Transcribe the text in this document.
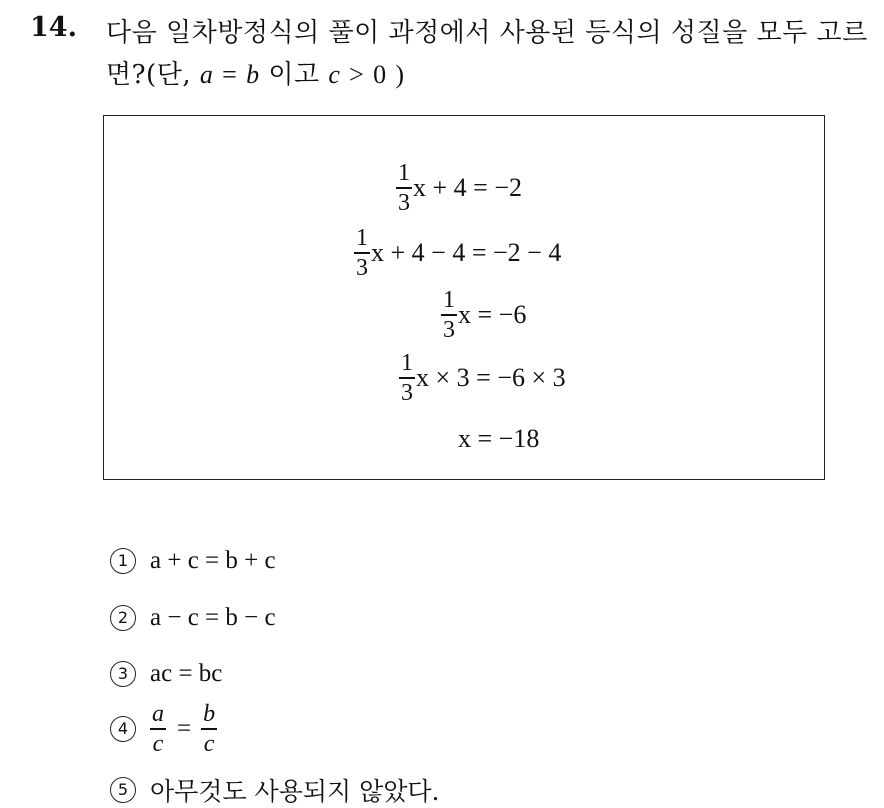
14. 다음 일차방정식의 풀이 과정에서 사용된 등식의 성질을 모두 고르
면?(단, a = b 이고 c > 0 )
$\frac{1}{3}$ x + 4 = −2
$\frac{1}{3}$ x + 4 − 4 = −2 − 4
$\frac{1}{3}$ x = −6
$\frac{1}{3}$ x × 3 = −6 × 3
x = −18
1 a + c = b + c
2 a − c = b − c
3 ac = bc
$4 \frac{a}{c} = \frac{b}{c}$
5 아무것도 사용되지 않았다.
